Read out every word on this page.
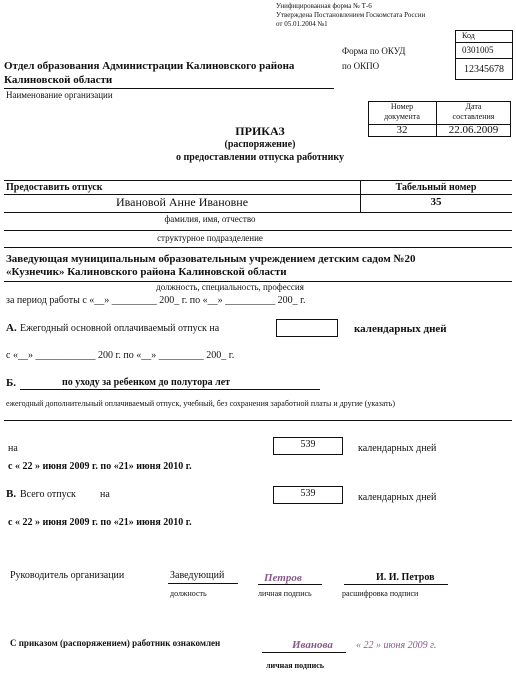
Унифицированная форма № Т-6
Утверждена Постановлением Госкомстата России
от 05.01.2004 №1
Код
0301005
12345678
Форма по ОКУД
по ОКПО
Отдел образования Администрации Калиновского района
Калиновской области
Наименование организации
Номер
документа
Дата
составления
32	22.06.2009
ПРИКАЗ
(распоряжение)
о предоставлении отпуска работнику
Предоставить отпуск	Табельный номер
Ивановой Анне Ивановне	35
фамилия, имя, отчество
структурное подразделение
Заведующая муниципальным образовательным учреждением детским садом №20
«Кузнечик» Калиновского района Калиновской области
должность, специальность, профессия
за период работы с «__» _________ 200_ г. по «__» __________ 200_ г.
А. Ежегодный основной оплачиваемый отпуск на	календарных дней
с «__» ____________ 200 г. по «__» _________ 200_ г.
Б.	по уходу за ребенком до полутора лет
ежегодный дополнительный оплачиваемый отпуск, учебный, без сохранения заработной платы и другие (указать)
на	539	календарных дней
с « 22 » июня 2009 г. по «21» июня 2010 г.
В. Всего отпуск на	539	календарных дней
с « 22 » июня 2009 г. по «21» июня 2010 г.
Руководитель организации	Заведующий	Петров	И. И. Петров
должность	личная подпись	расшифровка подписи
С приказом (распоряжением) работник ознакомлен	Иванова « 22 » июня 2009 г.
личная подпись
